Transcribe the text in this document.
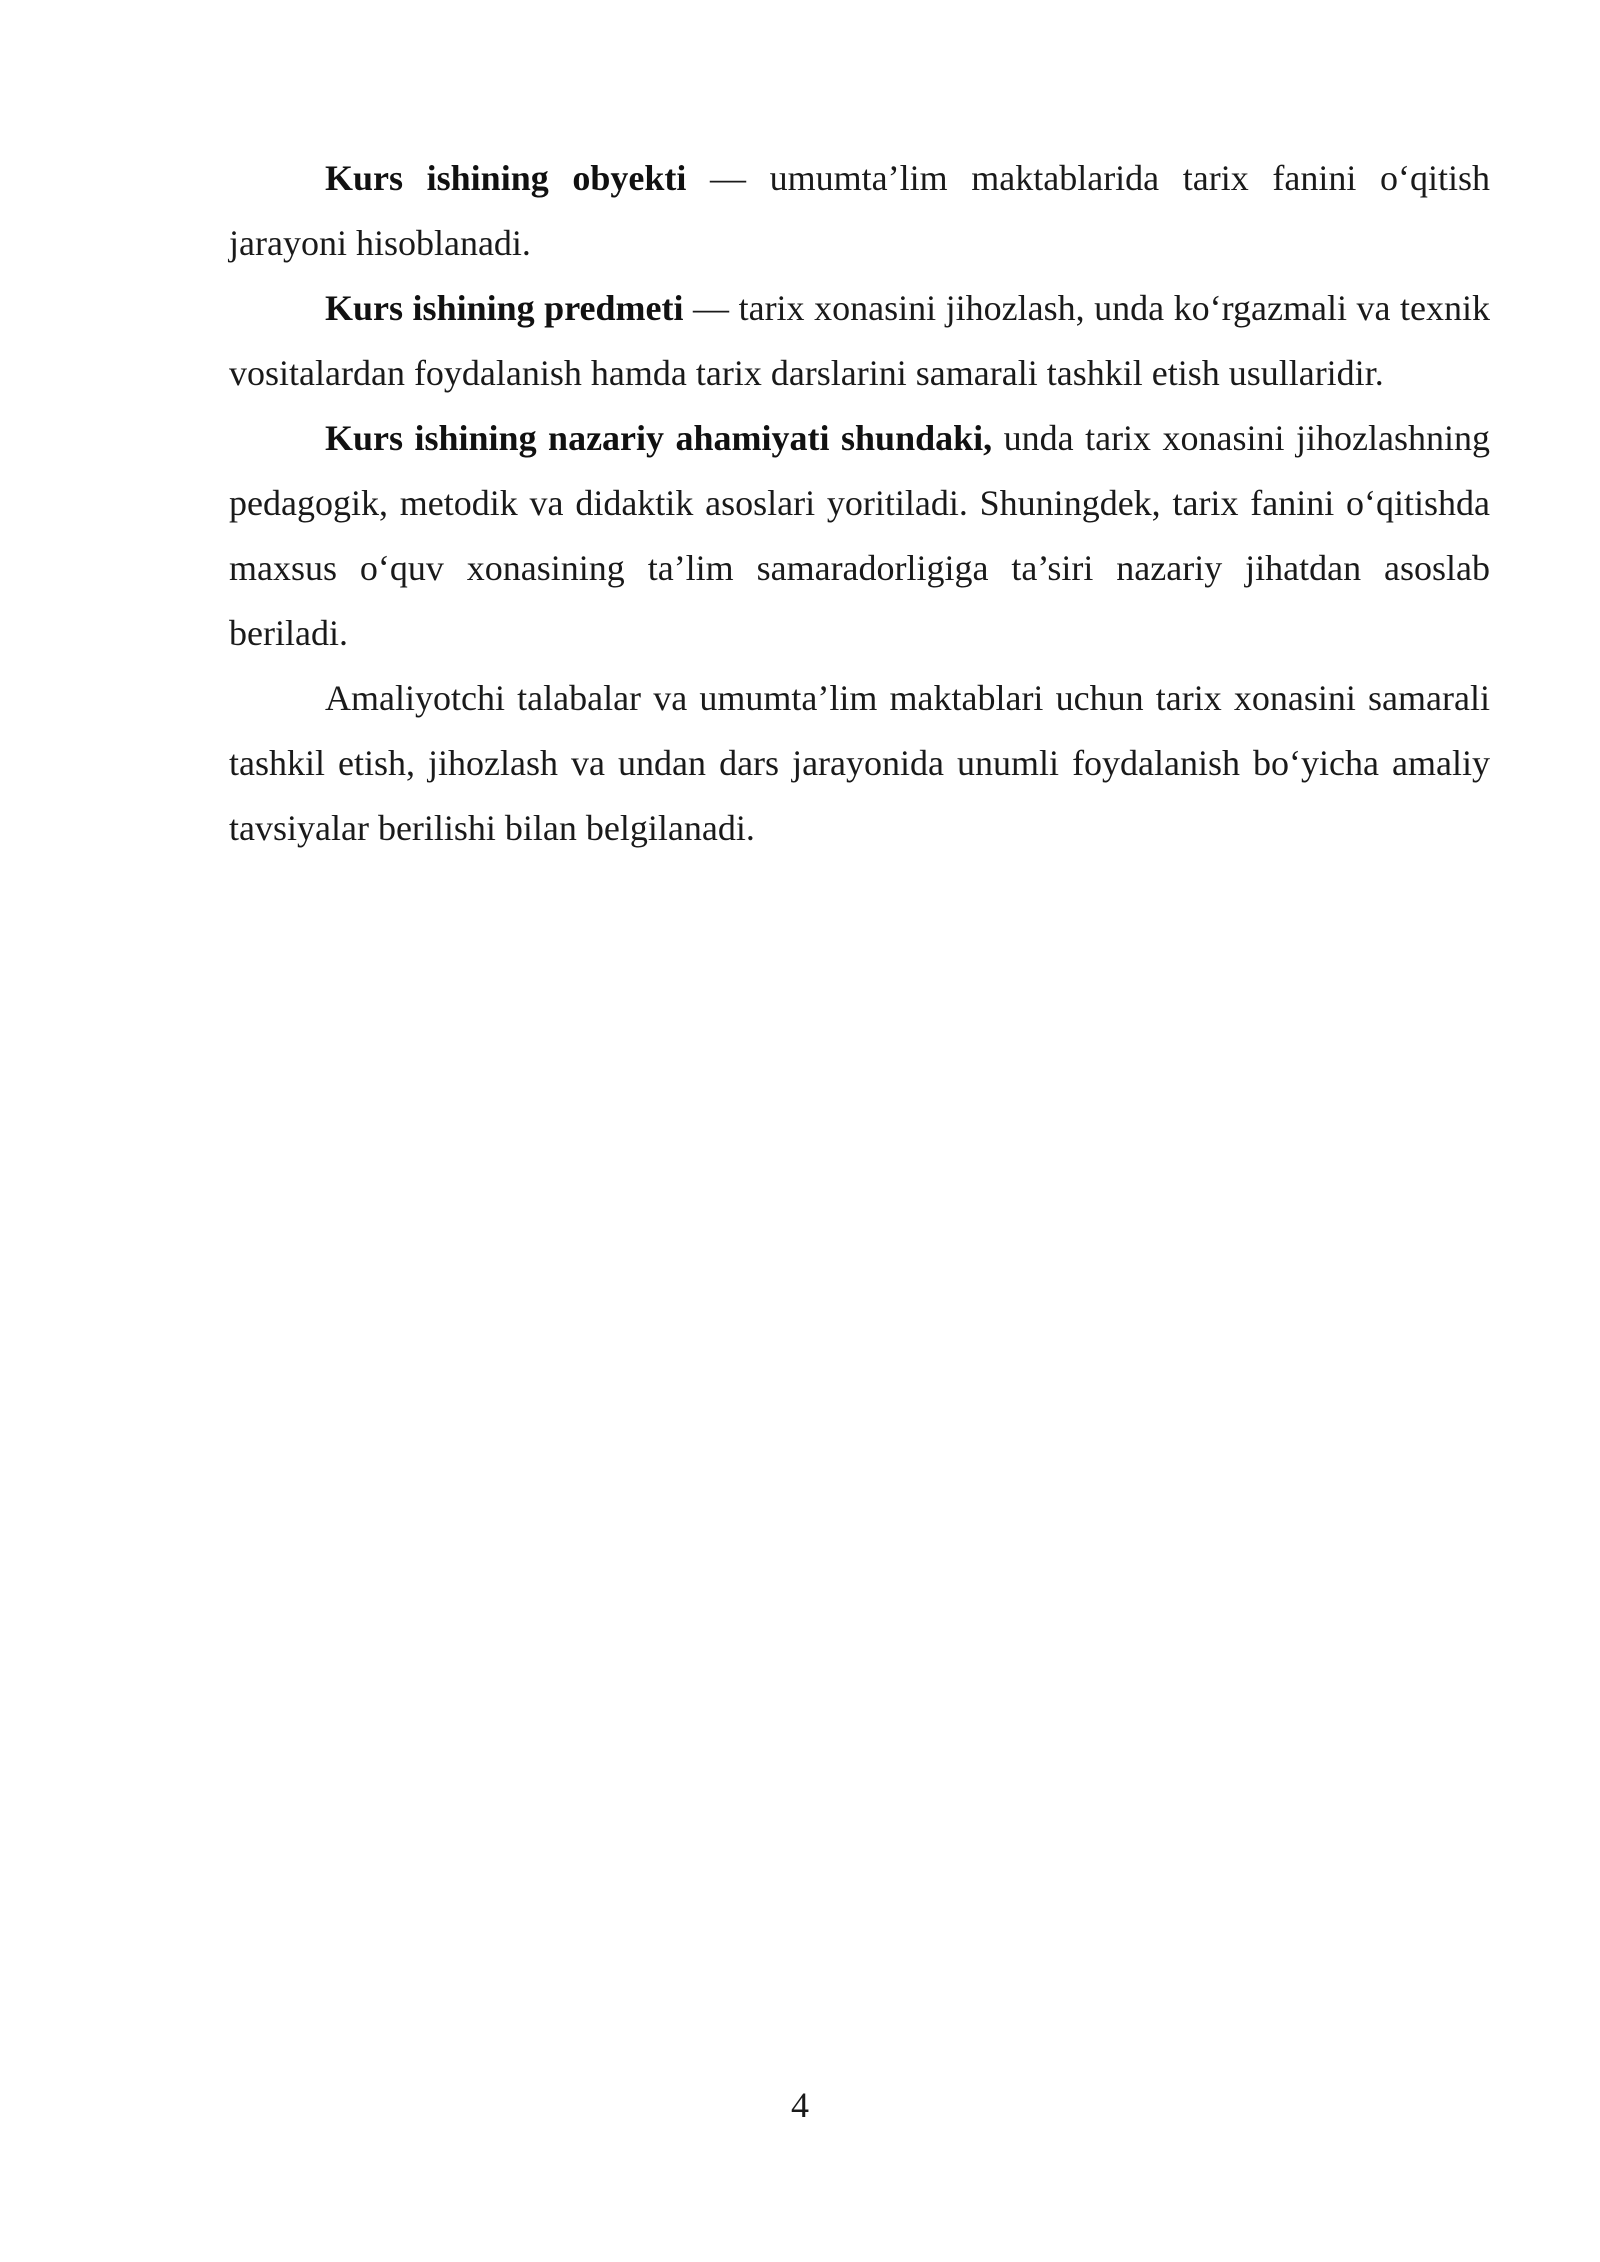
Kurs ishining obyekti — umumta’lim maktablarida tarix fanini o‘qitish jarayoni hisoblanadi.

Kurs ishining predmeti — tarix xonasini jihozlash, unda ko‘rgazmali va texnik vositalardan foydalanish hamda tarix darslarini samarali tashkil etish usullaridir.

Kurs ishining nazariy ahamiyati shundaki, unda tarix xonasini jihozlashning pedagogik, metodik va didaktik asoslari yoritiladi. Shuningdek, tarix fanini o‘qitishda maxsus o‘quv xonasining ta’lim samaradorligiga ta’siri nazariy jihatdan asoslab beriladi.

Amaliyotchi talabalar va umumta’lim maktablari uchun tarix xonasini samarali tashkil etish, jihozlash va undan dars jarayonida unumli foydalanish bo‘yicha amaliy tavsiyalar berilishi bilan belgilanadi.

4
